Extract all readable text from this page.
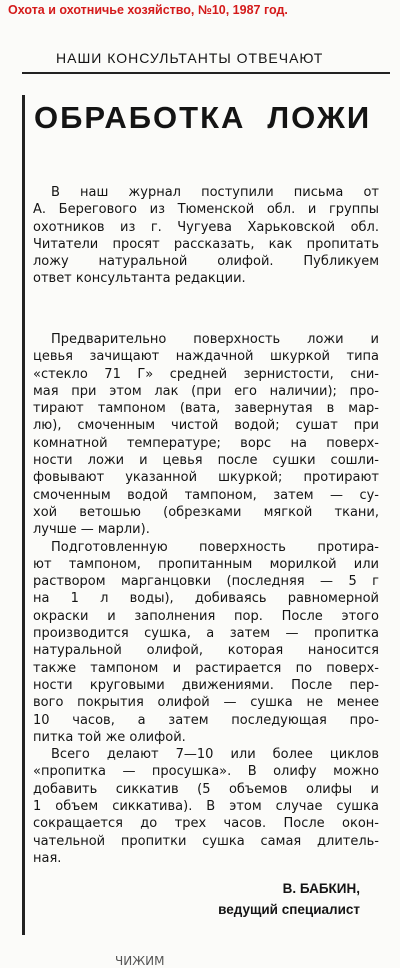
Охота и охотничье хозяйство, №10, 1987 год.
НАШИ КОНСУЛЬТАНТЫ ОТВЕЧАЮТ
ОБРАБОТКА ЛОЖИ
В наш журнал поступили письма от
А. Берегового из Тюменской обл. и группы
охотников из г. Чугуева Харьковской обл.
Читатели просят рассказать, как пропитать
ложу натуральной олифой. Публикуем
ответ консультанта редакции.
Предварительно поверхность ложи и
цевья зачищают наждачной шкуркой типа
«стекло 71 Г» средней зернистости, сни-
мая при этом лак (при его наличии); про-
тирают тампоном (вата, завернутая в мар-
лю), смоченным чистой водой; сушат при
комнатной температуре; ворс на поверх-
ности ложи и цевья после сушки сошли-
фовывают указанной шкуркой; протирают
смоченным водой тампоном, затем — су-
хой ветошью (обрезками мягкой ткани,
лучше — марли).
Подготовленную поверхность протира-
ют тампоном, пропитанным морилкой или
раствором марганцовки (последняя — 5 г
на 1 л воды), добиваясь равномерной
окраски и заполнения пор. После этого
производится сушка, а затем — пропитка
натуральной олифой, которая наносится
также тампоном и растирается по поверх-
ности круговыми движениями. После пер-
вого покрытия олифой — сушка не менее
10 часов, а затем последующая про-
питка той же олифой.
Всего делают 7—10 или более циклов
«пропитка — просушка». В олифу можно
добавить сиккатив (5 объемов олифы и
1 объем сиккатива). В этом случае сушка
сокращается до трех часов. После окон-
чательной пропитки сушка самая длитель-
ная.
В. БАБКИН,
ведущий специалист
ЧИЖИМ
